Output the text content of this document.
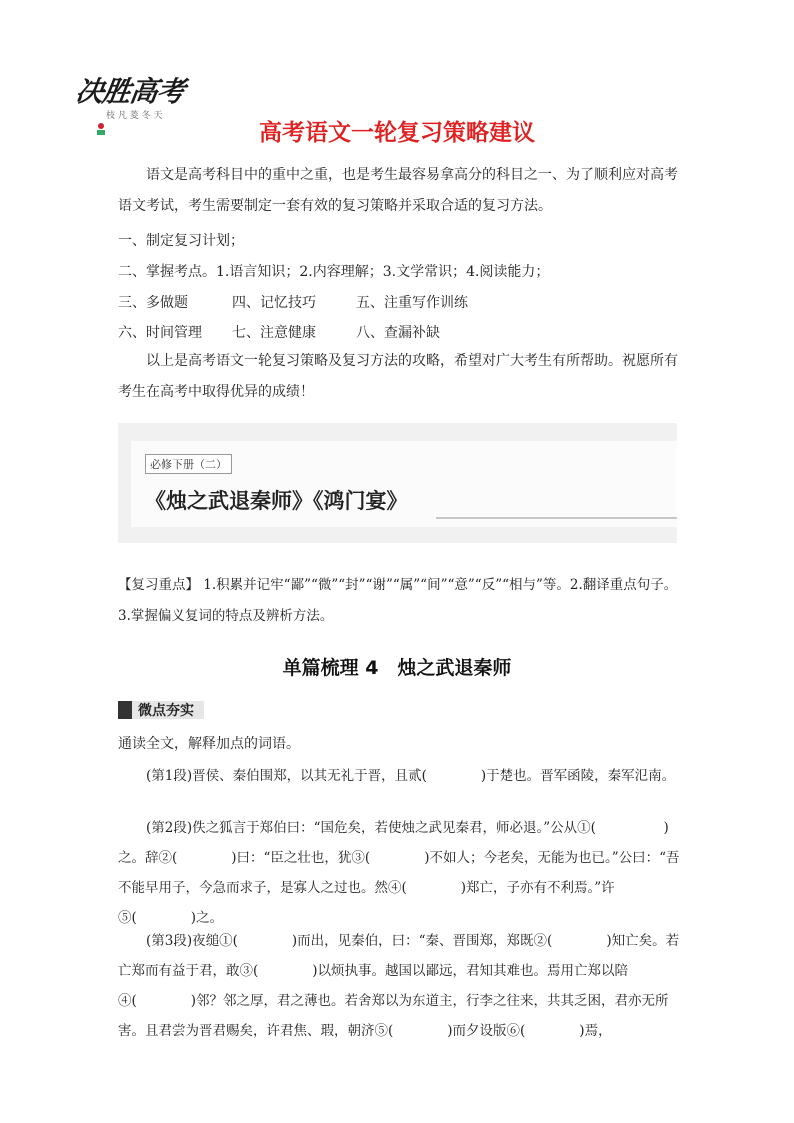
决胜高考
枝 凡 菱 冬 天
高考语文一轮复习策略建议
语文是高考科目中的重中之重，也是考生最容易拿高分的科目之一、为了顺利应对高考语文考试，考生需要制定一套有效的复习策略并采取合适的复习方法。
一、制定复习计划；
二、掌握考点。1.语言知识；2.内容理解；3.文学常识；4.阅读能力；
三、多做题	四、记忆技巧	五、注重写作训练
六、时间管理 七、注意健康	八、查漏补缺
以上是高考语文一轮复习策略及复习方法的攻略，希望对广大考生有所帮助。祝愿所有考生在高考中取得优异的成绩！
必修下册（二）
《烛之武退秦师》《鸿门宴》
【复习重点】 1.积累并记牢“鄙”“微”“封”“谢”“属”“间”“意”“反”“相与”等。2.翻译重点句子。3.掌握偏义复词的特点及辨析方法。
单篇梳理 4　烛之武退秦师
微点夯实
通读全文，解释加点的词语。
(第1段)晋侯、秦伯围郑，以其无礼于晋，且贰(　　　　)于楚也。晋军函陵，秦军氾南。
(第2段)佚之狐言于郑伯曰：“国危矣，若使烛之武见秦君，师必退。”公从①(　　　　　)之。辞②(　　　　)曰：“臣之壮也，犹③(　　　　)不如人；今老矣，无能为也已。”公曰：“吾不能早用子，今急而求子，是寡人之过也。然④(　　　　)郑亡，子亦有不利焉。”许⑤(　　　　)之。
(第3段)夜缒①(　　　　)而出，见秦伯，曰：“秦、晋围郑，郑既②(　　　　)知亡矣。若亡郑而有益于君，敢③(　　　　)以烦执事。越国以鄙远，君知其难也。焉用亡郑以陪④(　　　　)邻？邻之厚，君之薄也。若舍郑以为东道主，行李之往来，共其乏困，君亦无所害。且君尝为晋君赐矣，许君焦、瑕，朝济⑤(　　　　)而夕设版⑥(　　　　)焉，
